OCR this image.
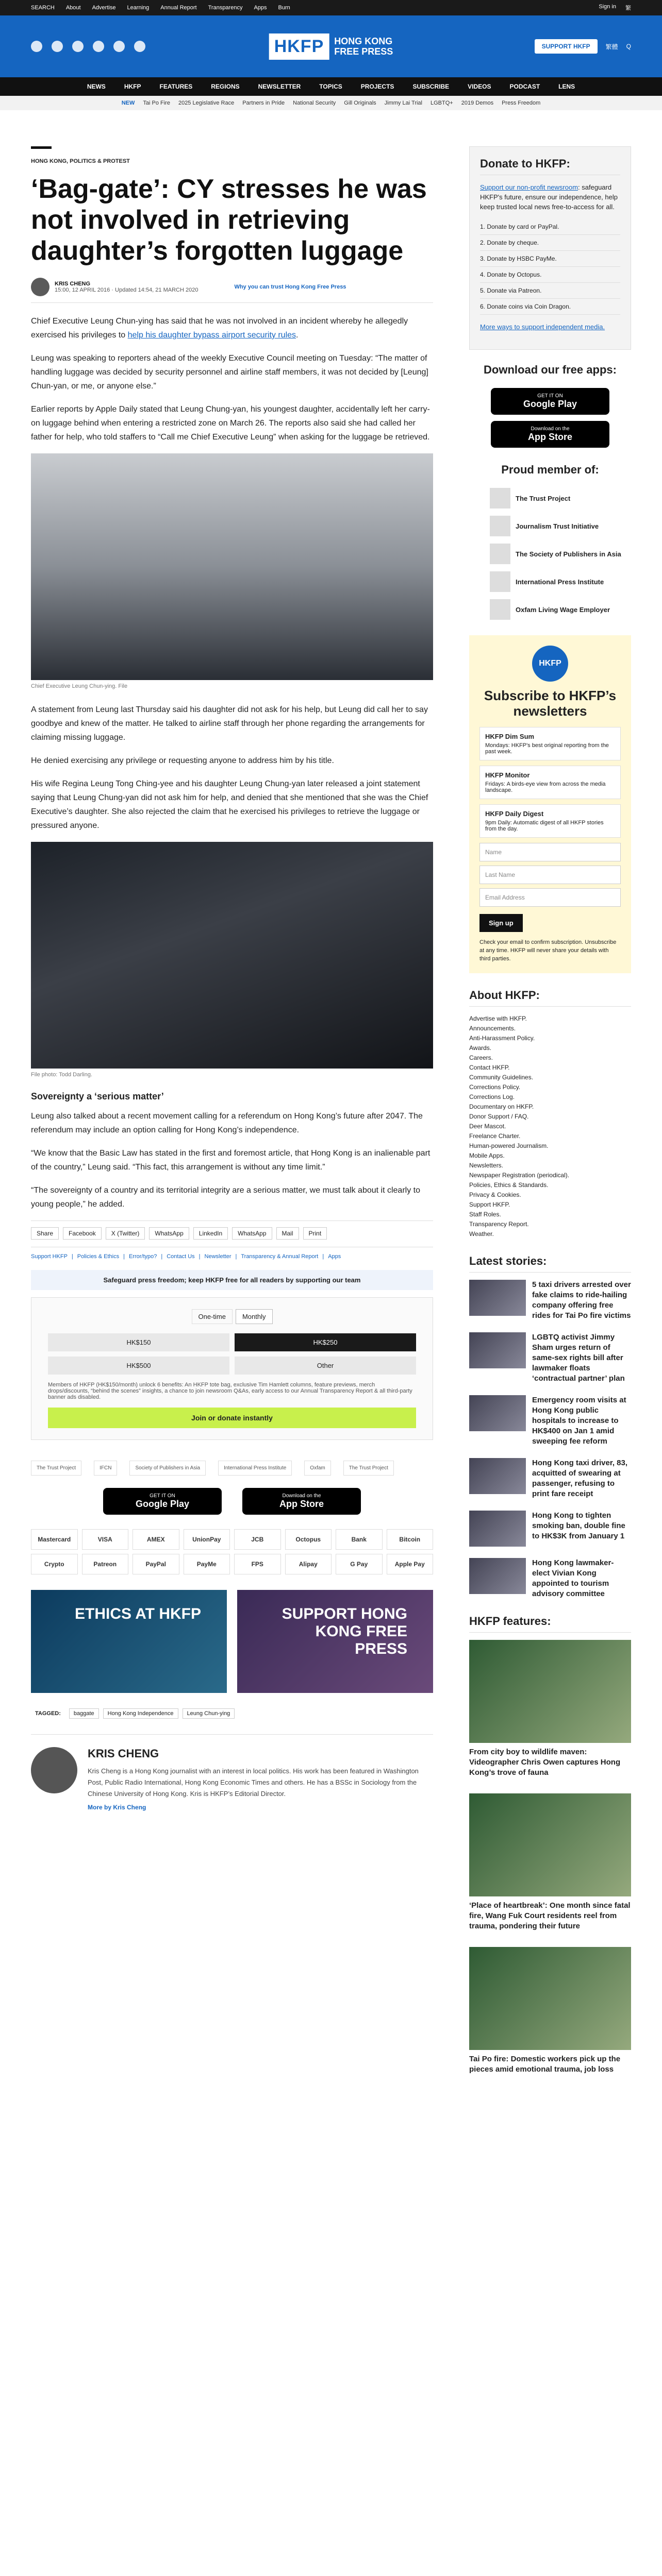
SEARCH About Advertise Learning Annual Report Transparency Apps Burn	Sign in 繁
HKFP	HONG KONG
FREE PRESS	SUPPORT HKFP	繁體 Q
NEWS	HKFP	FEATURES	REGIONS	NEWSLETTER	TOPICS	PROJECTS	SUBSCRIBE	VIDEOS	PODCAST	LENS
NEW Tai Po Fire 2025 Legislative Race Partners in Pride National Security Gill Originals Jimmy Lai Trial LGBTQ+ 2019 Demos Press Freedom
HONG KONG, POLITICS & PROTEST
‘Bag-gate’: CY stresses he was not involved in retrieving daughter’s forgotten luggage
KRIS CHENG
15:00, 12 APRIL 2016 · Updated 14:54, 21 MARCH 2020	Why you can trust Hong Kong Free Press

Chief Executive Leung Chun-ying has said that he was not involved in an incident whereby he allegedly exercised his privileges to help his daughter bypass airport security rules.

Leung was speaking to reporters ahead of the weekly Executive Council meeting on Tuesday: “The matter of handling luggage was decided by security personnel and airline staff members, it was not decided by [Leung] Chun-yan, or me, or anyone else.”

Earlier reports by Apple Daily stated that Leung Chung-yan, his youngest daughter, accidentally left her carry-on luggage behind when entering a restricted zone on March 26. The reports also said she had called her father for help, who told staffers to “Call me Chief Executive Leung” when asking for the luggage be retrieved.

Chief Executive Leung Chun-ying. File

A statement from Leung last Thursday said his daughter did not ask for his help, but Leung did call her to say goodbye and knew of the matter. He talked to airline staff through her phone regarding the arrangements for claiming missing luggage.

He denied exercising any privilege or requesting anyone to address him by his title.

His wife Regina Leung Tong Ching-yee and his daughter Leung Chung-yan later released a joint statement saying that Leung Chung-yan did not ask him for help, and denied that she mentioned that she was the Chief Executive’s daughter. She also rejected the claim that he exercised his privileges to retrieve the luggage or pressured anyone.

File photo: Todd Darling.
Sovereignty a ‘serious matter’

Leung also talked about a recent movement calling for a referendum on Hong Kong’s future after 2047. The referendum may include an option calling for Hong Kong’s independence.

“We know that the Basic Law has stated in the first and foremost article, that Hong Kong is an inalienable part of the country,” Leung said. “This fact, this arrangement is without any time limit.”

“The sovereignty of a country and its territorial integrity are a serious matter, we must talk about it clearly to young people,” he added.

Share	Facebook	X (Twitter)	WhatsApp	LinkedIn	WhatsApp	Mail	Print
Support HKFP | Policies & Ethics | Error/typo? | Contact Us | Newsletter | Transparency & Annual Report | Apps
Safeguard press freedom; keep HKFP free for all readers by supporting our team
One-time	Monthly
HK$150	HK$250
HK$500	Other
Members of HKFP (HK$150/month) unlock 6 benefits: An HKFP tote bag, exclusive Tim Hamlett columns, feature previews, merch drops/discounts, “behind the scenes” insights, a chance to join newsroom Q&As, early access to our Annual Transparency Report & all third-party banner ads disabled.
Join or donate instantly
The Trust Project	IFCN	Society of Publishers in Asia	International Press Institute	Oxfam	The Trust Project
GET IT ON
Google Play
Download on the
App Store
Mastercard	VISA	AMEX	UnionPay	JCB	Octopus	Bank	Bitcoin
Crypto	Patreon	PayPal	PayMe	FPS	Alipay	G Pay	Apple Pay
ETHICS AT HKFP	SUPPORT HONG KONG FREE PRESS
TAGGED:	baggate	Hong Kong Independence	Leung Chun-ying
KRIS CHENG

Kris Cheng is a Hong Kong journalist with an interest in local politics. His work has been featured in Washington Post, Public Radio International, Hong Kong Economic Times and others. He has a BSSc in Sociology from the Chinese University of Hong Kong. Kris is HKFP’s Editorial Director.

More by Kris Cheng
Donate to HKFP:

Support our non-profit newsroom: safeguard HKFP's future, ensure our independence, help keep trusted local news free-to-access for all.

1. Donate by card or PayPal.
2. Donate by cheque.
3. Donate by HSBC PayMe.
4. Donate by Octopus.
5. Donate via Patreon.
6. Donate coins via Coin Dragon.

More ways to support independent media.

Download our free apps:
GET IT ON
Google Play
Download on the
App Store
Proud member of:
The Trust Project
Journalism Trust Initiative
The Society of Publishers in Asia
International Press Institute
Oxfam Living Wage Employer
HKFP
Subscribe to HKFP’s newsletters
HKFP Dim Sum
Mondays: HKFP's best original reporting from the past week.
HKFP Monitor
Fridays: A birds-eye view from across the media landscape.
HKFP Daily Digest
9pm Daily: Automatic digest of all HKFP stories from the day.
Name
Last Name
Email Address
Sign up
Check your email to confirm subscription. Unsubscribe at any time. HKFP will never share your details with third parties.
About HKFP:
Advertise with HKFP.
Announcements.
Anti-Harassment Policy.
Awards.
Careers.
Contact HKFP.
Community Guidelines.
Corrections Policy.
Corrections Log.
Documentary on HKFP.
Donor Support / FAQ.
Deer Mascot.
Freelance Charter.
Human-powered Journalism.
Mobile Apps.
Newsletters.
Newspaper Registration (periodical).
Policies, Ethics & Standards.
Privacy & Cookies.
Support HKFP.
Staff Roles.
Transparency Report.
Weather.
Latest stories:
5 taxi drivers arrested over fake claims to ride-hailing company offering free rides for Tai Po fire victims
LGBTQ activist Jimmy Sham urges return of same-sex rights bill after lawmaker floats ‘contractual partner’ plan
Emergency room visits at Hong Kong public hospitals to increase to HK$400 on Jan 1 amid sweeping fee reform
Hong Kong taxi driver, 83, acquitted of swearing at passenger, refusing to print fare receipt
Hong Kong to tighten smoking ban, double fine to HK$3K from January 1
Hong Kong lawmaker-elect Vivian Kong appointed to tourism advisory committee
HKFP features:
From city boy to wildlife maven: Videographer Chris Owen captures Hong Kong’s trove of fauna
‘Place of heartbreak’: One month since fatal fire, Wang Fuk Court residents reel from trauma, pondering their future
Tai Po fire: Domestic workers pick up the pieces amid emotional trauma, job loss
